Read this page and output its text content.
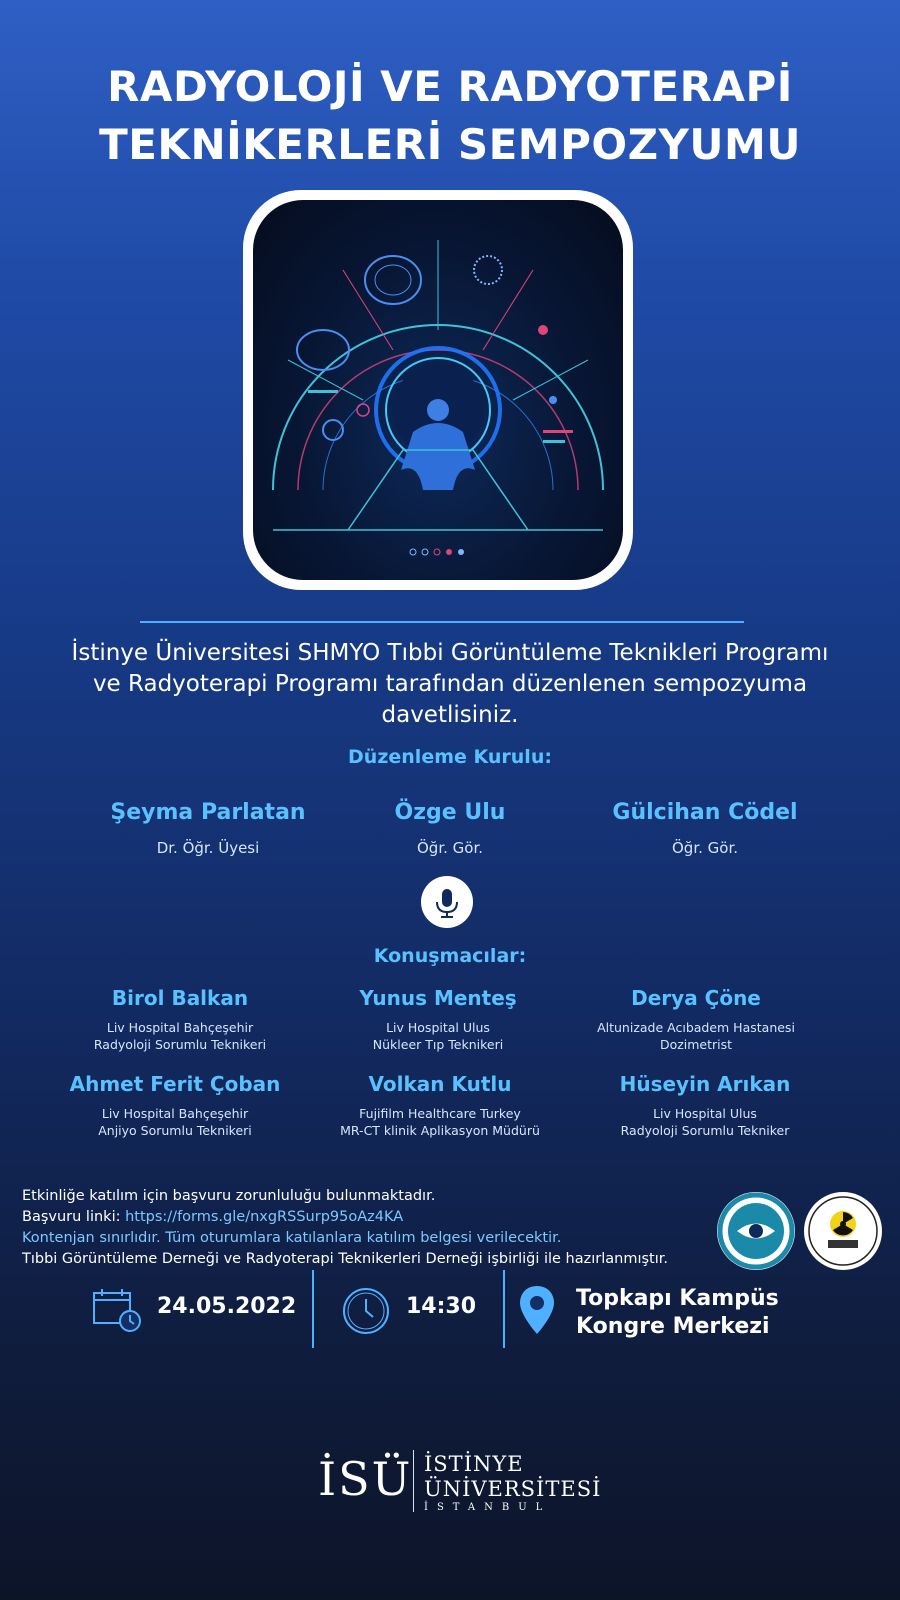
RADYOLOJİ VE RADYOTERAPİ
TEKNİKERLERİ SEMPOZYUMU
İstinye Üniversitesi SHMYO Tıbbi Görüntüleme Teknikleri Programı
ve Radyoterapi Programı tarafından düzenlenen sempozyuma
davetlisiniz.
Düzenleme Kurulu:
Şeyma Parlatan
Dr. Öğr. Üyesi
Özge Ulu
Öğr. Gör.
Gülcihan Cödel
Öğr. Gör.
Konuşmacılar:
Birol Balkan
Liv Hospital Bahçeşehir
Radyoloji Sorumlu Teknikeri
Yunus Menteş
Liv Hospital Ulus
Nükleer Tıp Teknikeri
Derya Çöne
Altunizade Acıbadem Hastanesi
Dozimetrist
Ahmet Ferit Çoban
Liv Hospital Bahçeşehir
Anjiyo Sorumlu Teknikeri
Volkan Kutlu
Fujifilm Healthcare Turkey
MR-CT klinik Aplikasyon Müdürü
Hüseyin Arıkan
Liv Hospital Ulus
Radyoloji Sorumlu Tekniker
Etkinliğe katılım için başvuru zorunluluğu bulunmaktadır.
Başvuru linki: https://forms.gle/nxgRSSurp95oAz4KA
Kontenjan sınırlıdır. Tüm oturumlara katılanlara katılım belgesi verilecektir.
Tıbbi Görüntüleme Derneği ve Radyoterapi Teknikerleri Derneği işbirliği ile hazırlanmıştır.
24.05.2022	14:30	Topkapı Kampüs
Kongre Merkezi
İSÜ İSTİNYE
ÜNİVERSİTESİ
İSTANBUL
